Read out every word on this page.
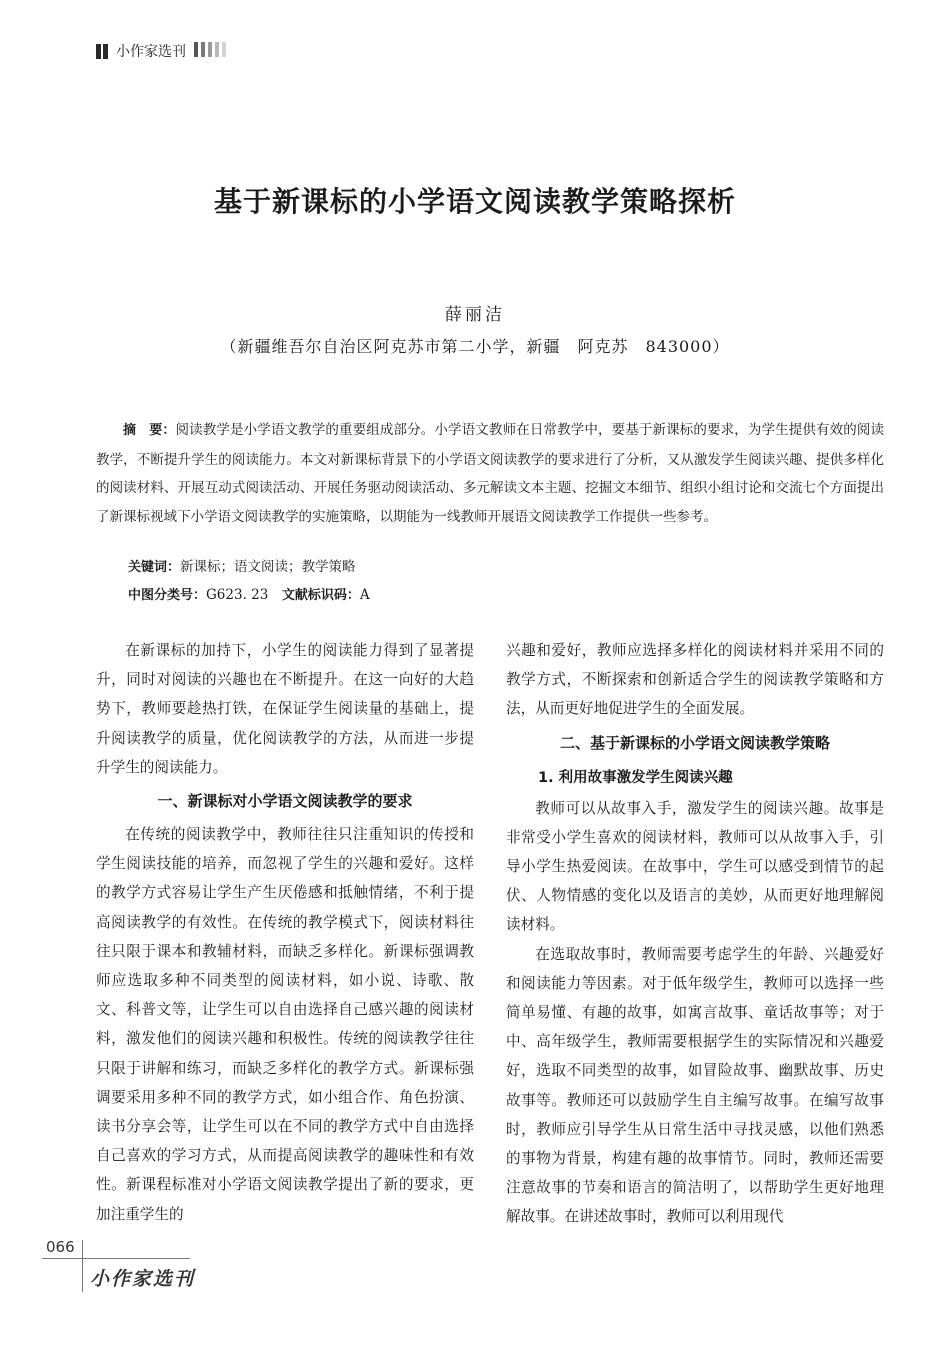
小作家选刊
基于新课标的小学语文阅读教学策略探析
薛丽洁
（新疆维吾尔自治区阿克苏市第二小学，新疆　阿克苏　843000）

摘　要：阅读教学是小学语文教学的重要组成部分。小学语文教师在日常教学中，要基于新课标的要求，为学生提供有效的阅读教学，不断提升学生的阅读能力。本文对新课标背景下的小学语文阅读教学的要求进行了分析，又从激发学生阅读兴趣、提供多样化的阅读材料、开展互动式阅读活动、开展任务驱动阅读活动、多元解读文本主题、挖掘文本细节、组织小组讨论和交流七个方面提出了新课标视域下小学语文阅读教学的实施策略，以期能为一线教师开展语文阅读教学工作提供一些参考。

关键词：新课标；语文阅读；教学策略
中图分类号：G623. 23　 文献标识码：A

在新课标的加持下，小学生的阅读能力得到了显著提升，同时对阅读的兴趣也在不断提升。在这一向好的大趋势下，教师要趁热打铁，在保证学生阅读量的基础上，提升阅读教学的质量，优化阅读教学的方法，从而进一步提升学生的阅读能力。

一、新课标对小学语文阅读教学的要求

在传统的阅读教学中，教师往往只注重知识的传授和学生阅读技能的培养，而忽视了学生的兴趣和爱好。这样的教学方式容易让学生产生厌倦感和抵触情绪，不利于提高阅读教学的有效性。在传统的教学模式下，阅读材料往往只限于课本和教辅材料，而缺乏多样化。新课标强调教师应选取多种不同类型的阅读材料，如小说、诗歌、散文、科普文等，让学生可以自由选择自己感兴趣的阅读材料，激发他们的阅读兴趣和积极性。传统的阅读教学往往只限于讲解和练习，而缺乏多样化的教学方式。新课标强调要采用多种不同的教学方式，如小组合作、角色扮演、读书分享会等，让学生可以在不同的教学方式中自由选择自己喜欢的学习方式，从而提高阅读教学的趣味性和有效性。新课程标准对小学语文阅读教学提出了新的要求，更加注重学生的

兴趣和爱好，教师应选择多样化的阅读材料并采用不同的教学方式，不断探索和创新适合学生的阅读教学策略和方法，从而更好地促进学生的全面发展。

二、基于新课标的小学语文阅读教学策略
1. 利用故事激发学生阅读兴趣

教师可以从故事入手，激发学生的阅读兴趣。故事是非常受小学生喜欢的阅读材料，教师可以从故事入手，引导小学生热爱阅读。在故事中，学生可以感受到情节的起伏、人物情感的变化以及语言的美妙，从而更好地理解阅读材料。

在选取故事时，教师需要考虑学生的年龄、兴趣爱好和阅读能力等因素。对于低年级学生，教师可以选择一些简单易懂、有趣的故事，如寓言故事、童话故事等；对于中、高年级学生，教师需要根据学生的实际情况和兴趣爱好，选取不同类型的故事，如冒险故事、幽默故事、历史故事等。教师还可以鼓励学生自主编写故事。在编写故事时，教师应引导学生从日常生活中寻找灵感，以他们熟悉的事物为背景，构建有趣的故事情节。同时，教师还需要注意故事的节奏和语言的简洁明了，以帮助学生更好地理解故事。在讲述故事时，教师可以利用现代

066
小作家选刊
